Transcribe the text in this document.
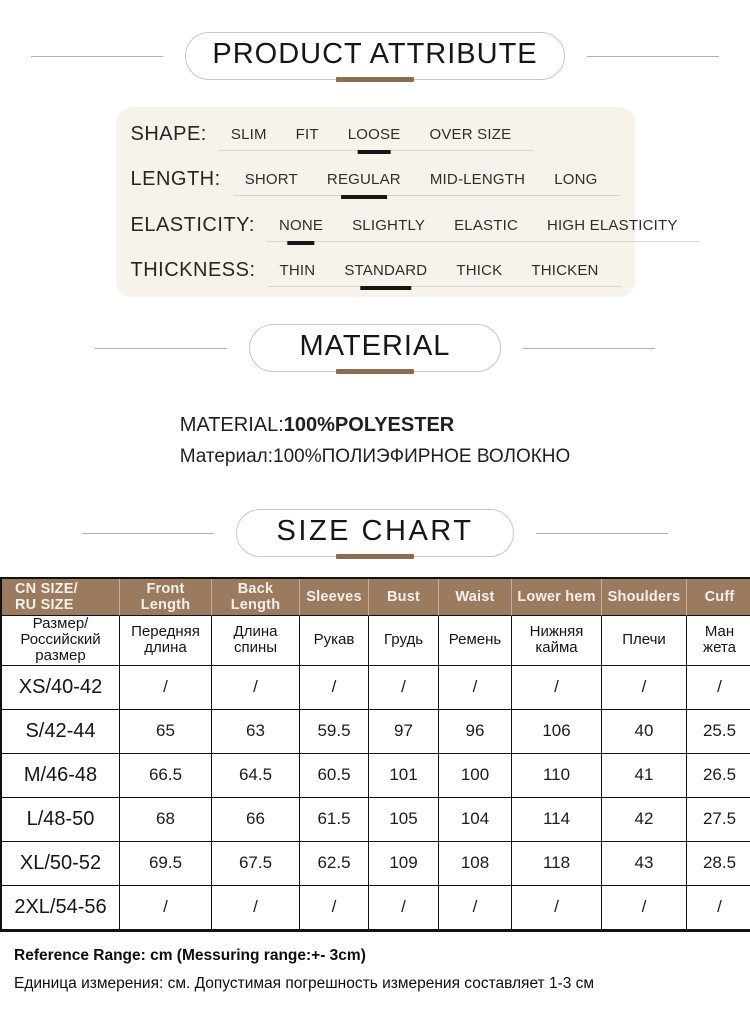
PRODUCT ATTRIBUTE
SHAPE: SLIM FIT LOOSE OVER SIZE
LENGTH: SHORT REGULAR MID-LENGTH LONG
ELASTICITY: NONE SLIGHTLY ELASTIC HIGH ELASTICITY
THICKNESS: THIN STANDARD THICK THICKEN
MATERIAL
MATERIAL:100%POLYESTER
Материал:100%ПОЛИЭФИРНОЕ ВОЛОКНО
SIZE CHART
CN SIZE/
RU SIZE	Front Length	Back Length	Sleeves	Bust	Waist	Lower hem	Shoulders	Cuff

Размер/
Российский
размер	Передняя длина	Длина спины	Рукав	Грудь	Ремень	Нижняя кайма	Плечи	Ман жета
XS/40-42	/	/	/	/	/	/	/	/
S/42-44	65	63	59.5	97	96	106	40	25.5
M/46-48	66.5	64.5	60.5	101	100	110	41	26.5
L/48-50	68	66	61.5	105	104	114	42	27.5
XL/50-52	69.5	67.5	62.5	109	108	118	43	28.5
2XL/54-56	/	/	/	/	/	/	/	/
Reference Range: cm (Messuring range:+- 3cm)
Единица измерения: см. Допустимая погрешность измерения составляет 1-3 см
